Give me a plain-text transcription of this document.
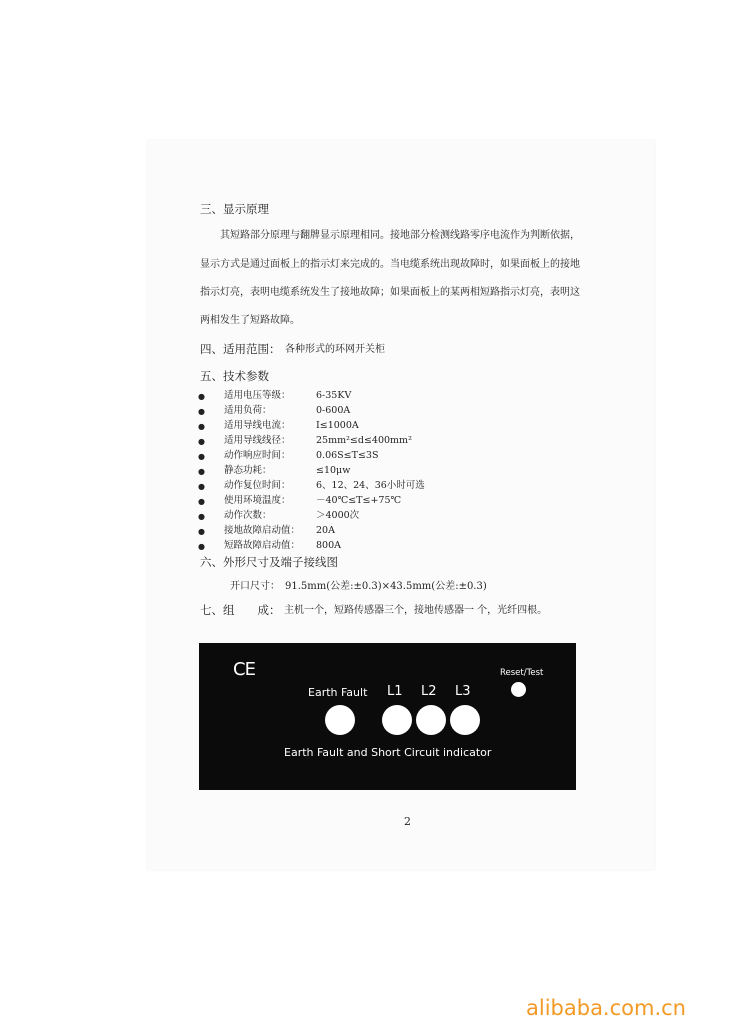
三、显示原理
　　其短路部分原理与翻牌显示原理相同。接地部分检测线路零序电流作为判断依据，
显示方式是通过面板上的指示灯来完成的。当电缆系统出现故障时，如果面板上的接地
指示灯亮，表明电缆系统发生了接地故障；如果面板上的某两相短路指示灯亮，表明这
两相发生了短路故障。
四、适用范围： 各种形式的环网开关柜
五、技术参数
● 适用电压等级：	6-35KV
● 适用负荷：	0-600A
● 适用导线电流：	I≤1000A
● 适用导线线径：	25mm²≤d≤400mm²
● 动作响应时间：	0.06S≤T≤3S
● 静态功耗：	≤10μw
● 动作复位时间：	6、12、24、36小时可选
● 使用环境温度：	－40℃≤T≤+75℃
● 动作次数：	＞4000次
● 接地故障启动值： 20A
● 短路故障启动值： 800A
六、外形尺寸及端子接线图
开口尺寸：　91.5mm(公差:±0.3)×43.5mm(公差:±0.3)
七、组　　成： 主机一个，短路传感器三个，接地传感器一 个，光纤四根。
CE
Earth Fault L1 L2 L3
Reset/Test
Earth Fault and Short Circuit indicator
2
alibaba.com.cn
